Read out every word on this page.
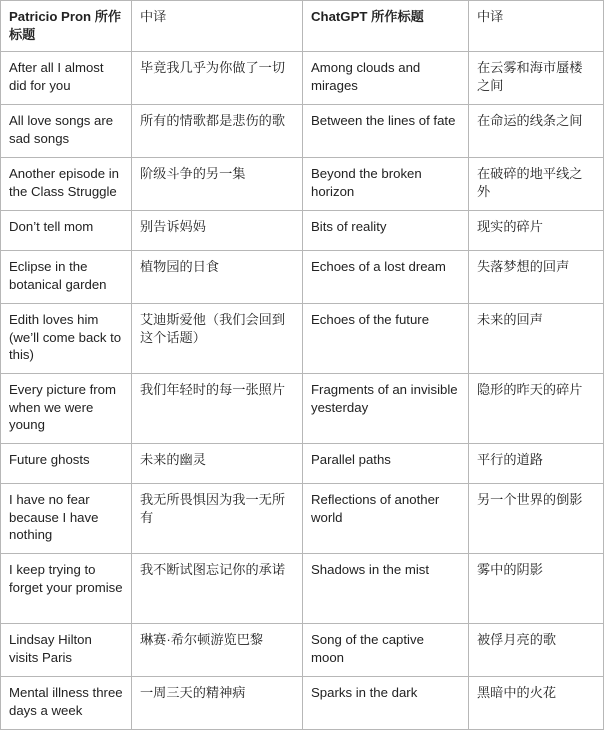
Patricio Pron 所作标题	中译	ChatGPT 所作标题	中译
After all I almost did for you	毕竟我几乎为你做了一切	Among clouds and mirages	在云雾和海市蜃楼之间
All love songs are sad songs	所有的情歌都是悲伤的歌	Between the lines of fate	在命运的线条之间
Another episode in the Class Struggle	阶级斗争的另一集	Beyond the broken horizon	在破碎的地平线之外
Don’t tell mom	别告诉妈妈	Bits of reality	现实的碎片
Eclipse in the botanical garden	植物园的日食	Echoes of a lost dream	失落梦想的回声
Edith loves him (we’ll come back to this)	艾迪斯爱他（我们会回到这个话题）	Echoes of the future	未来的回声
Every picture from when we were young	我们年轻时的每一张照片	Fragments of an invisible yesterday	隐形的昨天的碎片
Future ghosts	未来的幽灵	Parallel paths	平行的道路
I have no fear because I have nothing	我无所畏惧因为我一无所有	Reflections of another world	另一个世界的倒影
I keep trying to forget your promise	我不断试图忘记你的承诺	Shadows in the mist	雾中的阴影
Lindsay Hilton visits Paris	琳赛·希尔顿游览巴黎	Song of the captive moon	被俘月亮的歌
Mental illness three days a week	一周三天的精神病	Sparks in the dark	黑暗中的火花
